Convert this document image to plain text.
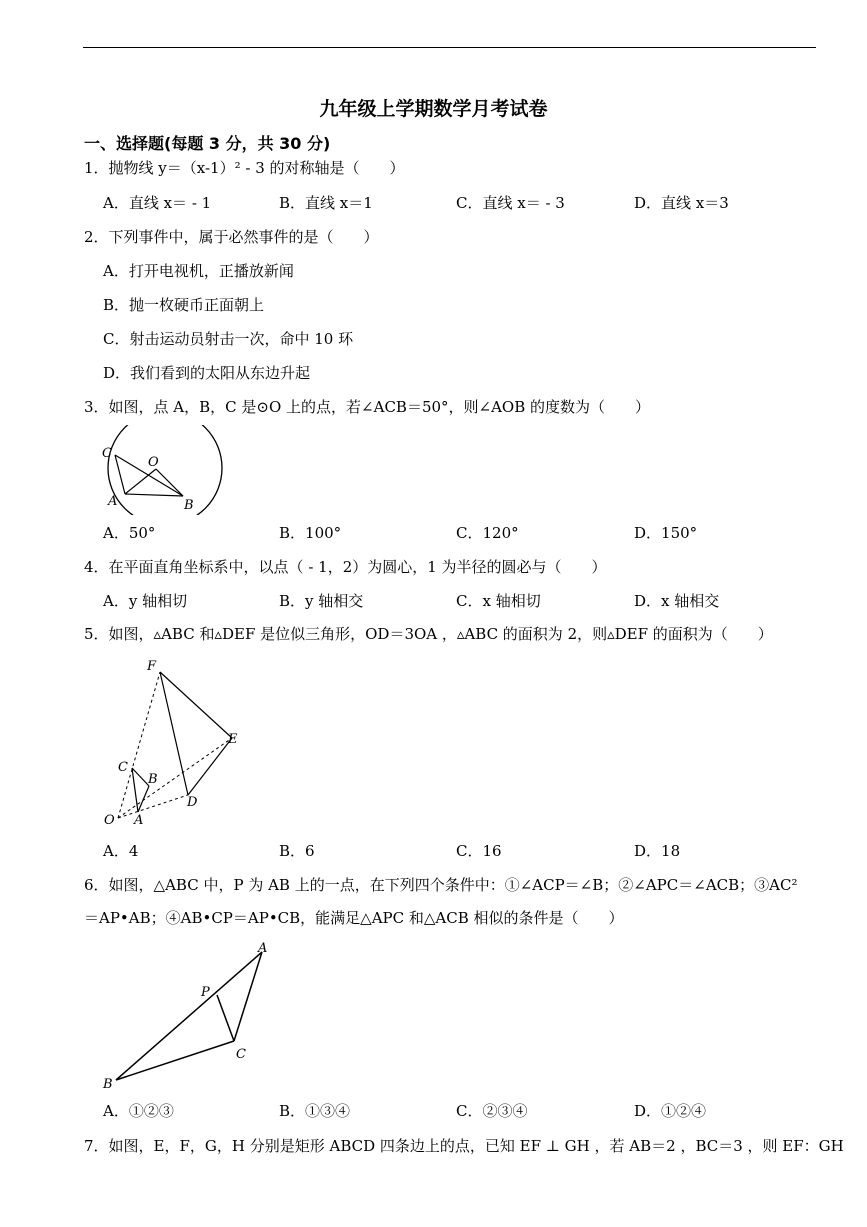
九年级上学期数学月考试卷
一、选择题(每题 3 分，共 30 分)
1．抛物线 y＝（x-1）² - 3 的对称轴是（　　）
A．直线 x＝ - 1	B．直线 x＝1	C．直线 x＝ - 3	D．直线 x＝3
2．下列事件中，属于必然事件的是（　　）
A．打开电视机，正播放新闻
B．抛一枚硬币正面朝上
C．射击运动员射击一次，命中 10 环
D．我们看到的太阳从东边升起
3．如图，点 A，B，C 是⊙O 上的点，若∠ACB＝50°，则∠AOB 的度数为（　　）
C
O
A	B
A．50°	B．100°	C．120°	D．150°
4．在平面直角坐标系中，以点（ - 1，2）为圆心，1 为半径的圆必与（　　）
A．y 轴相切	B．y 轴相交	C．x 轴相切	D．x 轴相交
5．如图，▵ABC 和▵DEF 是位似三角形，OD＝3OA ，▵ABC 的面积为 2，则▵DEF 的面积为（　　）
F
E
C
B
D
O A
A．4	B．6	C．16	D．18
6．如图，△ABC 中，P 为 AB 上的一点，在下列四个条件中：①∠ACP＝∠B；②∠APC＝∠ACB；③AC²
＝AP•AB；④AB•CP＝AP•CB，能满足△APC 和△ACB 相似的条件是（　　）
A
P
C
B
A．①②③	B．①③④	C．②③④	D．①②④
7．如图，E，F，G，H 分别是矩形 ABCD 四条边上的点，已知 EF ⊥ GH ，若 AB＝2 ，BC＝3 ，则 EF：GH
